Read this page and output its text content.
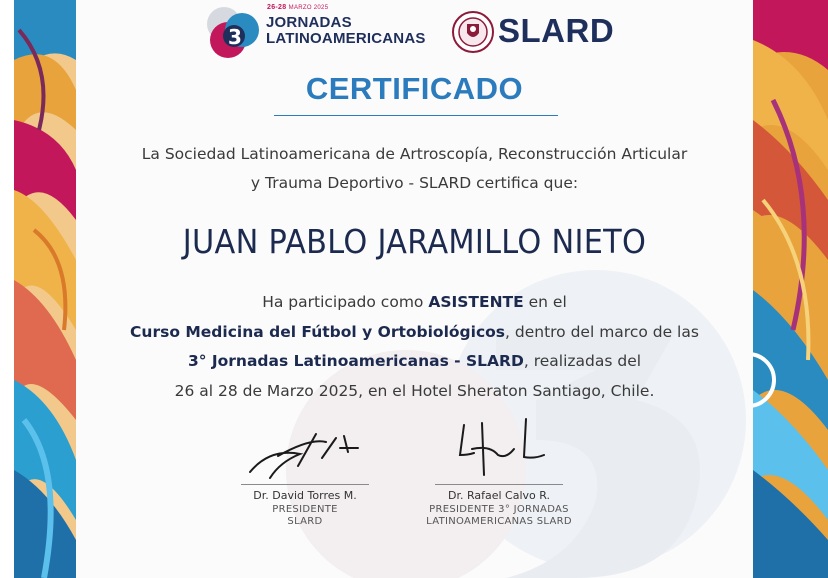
3
26-28 MARZO 2025
JORNADAS
LATINOAMERICANAS SLARD
CERTIFICADO
La Sociedad Latinoamericana de Artroscopía, Reconstrucción Articular
y Trauma Deportivo - SLARD certifica que:
JUAN PABLO JARAMILLO NIETO
Ha participado como ASISTENTE en el
Curso Medicina del Fútbol y Ortobiológicos, dentro del marco de las
3° Jornadas Latinoamericanas - SLARD, realizadas del
26 al 28 de Marzo 2025, en el Hotel Sheraton Santiago, Chile.
Dr. David Torres M.
PRESIDENTE
SLARD
Dr. Rafael Calvo R.
PRESIDENTE 3° JORNADAS
LATINOAMERICANAS SLARD
